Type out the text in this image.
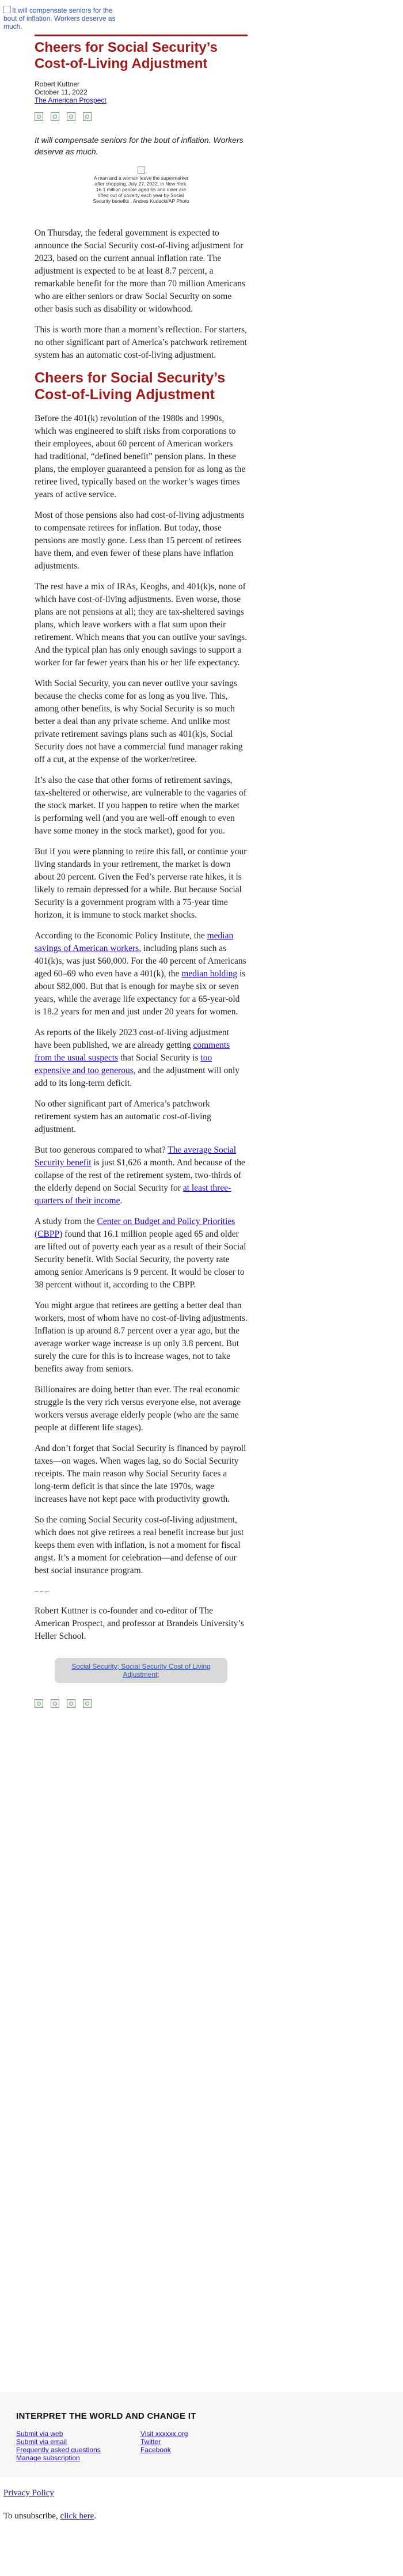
It will compensate seniors for the bout of inflation. Workers deserve as much.
Cheers for Social Security’s Cost-of-Living Adjustment
Robert Kuttner
October 11, 2022
The American Prospect
It will compensate seniors for the bout of inflation. Workers deserve as much.
A man and a woman leave the supermarket after shopping, July 27, 2022, in New York. 16.1 million people aged 65 and older are lifted out of poverty each year by Social Security benefits , Andres Kudacki/AP Photo

On Thursday, the federal government is expected to announce the Social Security cost-of-living adjustment for 2023, based on the current annual inflation rate. The adjustment is expected to be at least 8.7 percent, a remarkable benefit for the more than 70 million Americans who are either seniors or draw Social Security on some other basis such as disability or widowhood.

This is worth more than a moment’s reflection. For starters, no other significant part of America’s patchwork retirement system has an automatic cost-of-living adjustment.

Cheers for Social Security’s Cost-of-Living Adjustment

Before the 401(k) revolution of the 1980s and 1990s, which was engineered to shift risks from corporations to their employees, about 60 percent of American workers had traditional, “defined benefit” pension plans. In these plans, the employer guaranteed a pension for as long as the retiree lived, typically based on the worker’s wages times years of active service.

Most of those pensions also had cost-of-living adjustments to compensate retirees for inflation. But today, those pensions are mostly gone. Less than 15 percent of retirees have them, and even fewer of these plans have inflation adjustments.

The rest have a mix of IRAs, Keoghs, and 401(k)s, none of which have cost-of-living adjustments. Even worse, those plans are not pensions at all; they are tax-sheltered savings plans, which leave workers with a flat sum upon their retirement. Which means that you can outlive your savings. And the typical plan has only enough savings to support a worker for far fewer years than his or her life expectancy.

With Social Security, you can never outlive your savings because the checks come for as long as you live. This, among other benefits, is why Social Security is so much better a deal than any private scheme. And unlike most private retirement savings plans such as 401(k)s, Social Security does not have a commercial fund manager raking off a cut, at the expense of the worker/retiree.

It’s also the case that other forms of retirement savings, tax-sheltered or otherwise, are vulnerable to the vagaries of the stock market. If you happen to retire when the market is performing well (and you are well-off enough to even have some money in the stock market), good for you.

But if you were planning to retire this fall, or continue your living standards in your retirement, the market is down about 20 percent. Given the Fed’s perverse rate hikes, it is likely to remain depressed for a while. But because Social Security is a government program with a 75-year time horizon, it is immune to stock market shocks.

According to the Economic Policy Institute, the median savings of American workers, including plans such as 401(k)s, was just $60,000. For the 40 percent of Americans aged 60–69 who even have a 401(k), the median holding is about $82,000. But that is enough for maybe six or seven years, while the average life expectancy for a 65-year-old is 18.2 years for men and just under 20 years for women.

As reports of the likely 2023 cost-of-living adjustment have been published, we are already getting comments from the usual suspects that Social Security is too expensive and too generous, and the adjustment will only add to its long-term deficit.

No other significant part of America’s patchwork retirement system has an automatic cost-of-living adjustment.

But too generous compared to what? The average Social Security benefit is just $1,626 a month. And because of the collapse of the rest of the retirement system, two-thirds of the elderly depend on Social Security for at least three-quarters of their income.

A study from the Center on Budget and Policy Priorities (CBPP) found that 16.1 million people aged 65 and older are lifted out of poverty each year as a result of their Social Security benefit. With Social Security, the poverty rate among senior Americans is 9 percent. It would be closer to 38 percent without it, according to the CBPP.

You might argue that retirees are getting a better deal than workers, most of whom have no cost-of-living adjustments. Inflation is up around 8.7 percent over a year ago, but the average worker wage increase is up only 3.8 percent. But surely the cure for this is to increase wages, not to take benefits away from seniors.

Billionaires are doing better than ever. The real economic struggle is the very rich versus everyone else, not average workers versus average elderly people (who are the same people at different life stages).

And don’t forget that Social Security is financed by payroll taxes—on wages. When wages lag, so do Social Security receipts. The main reason why Social Security faces a long-term deficit is that since the late 1970s, wage increases have not kept pace with productivity growth.

So the coming Social Security cost-of-living adjustment, which does not give retirees a real benefit increase but just keeps them even with inflation, is not a moment for fiscal angst. It’s a moment for celebration—and defense of our best social insurance program.

~~~

Robert Kuttner is co-founder and co-editor of The American Prospect, and professor at Brandeis University’s Heller School.

Social Security; Social Security Cost of Living Adjustment;
INTERPRET THE WORLD AND CHANGE IT
Submit via web
Submit via email
Frequently asked questions
Manage subscription
Visit xxxxxx.org
Twitter
Facebook
Privacy Policy
To unsubscribe, click here.
